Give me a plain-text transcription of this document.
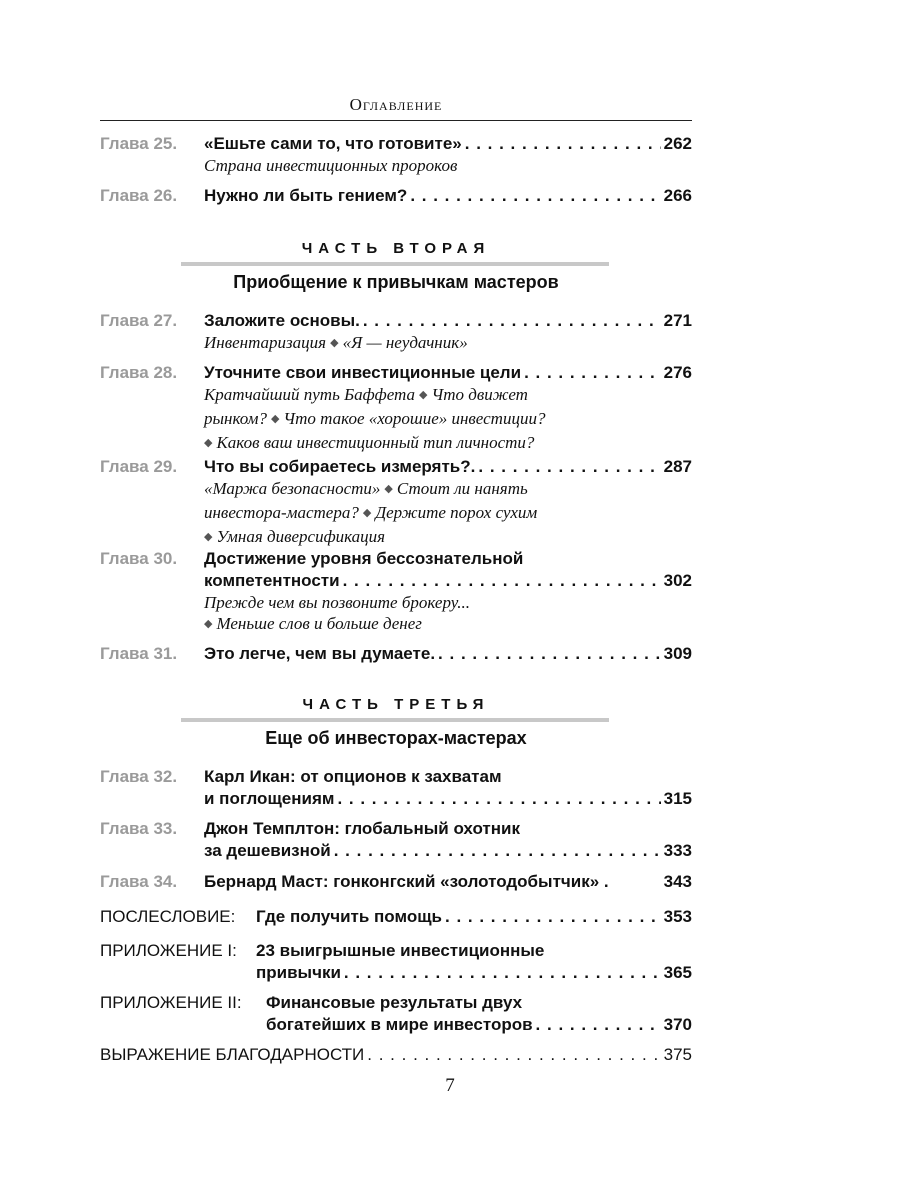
Оглавление
Глава 25. «Ешьте сами то, что готовите» . . .	262
Страна инвестиционных пророков
Глава 26. Нужно ли быть гением? . . .	266
ЧАСТЬ ВТОРАЯ
Приобщение к привычкам мастеров
Глава 27. Заложите основы. . . .	271
Инвентаризация ◆ «Я — неудачник»
Глава 28. Уточните свои инвестиционные цели . . .	276
Кратчайший путь Баффета ◆ Что движет
рынком? ◆ Что такое «хорошие» инвестиции?
◆ Каков ваш инвестиционный тип личности?
Глава 29. Что вы собираетесь измерять?. . . .	287
«Маржа безопасности» ◆ Стоит ли нанять
инвестора-мастера? ◆ Держите порох сухим
◆ Умная диверсификация
Глава 30. Достижение уровня бессознательной
компетентности . . .	302
Прежде чем вы позвоните брокеру...
◆ Меньше слов и больше денег
Глава 31. Это легче, чем вы думаете. . . .	309
ЧАСТЬ ТРЕТЬЯ
Еще об инвесторах-мастерах
Глава 32. Карл Икан: от опционов к захватам
и поглощениям . . .	315
Глава 33. Джон Темплтон: глобальный охотник
за дешевизной . . .	333
Глава 34. Бернард Маст: гонконгский «золотодобытчик» .	343
ПОСЛЕСЛОВИЕ: Где получить помощь . . .	353
ПРИЛОЖЕНИЕ I: 23 выигрышные инвестиционные
привычки . . .	365
ПРИЛОЖЕНИЕ II: Финансовые результаты двух
богатейших в мире инвесторов . . .	370
ВЫРАЖЕНИЕ БЛАГОДАРНОСТИ . . .	375
7
